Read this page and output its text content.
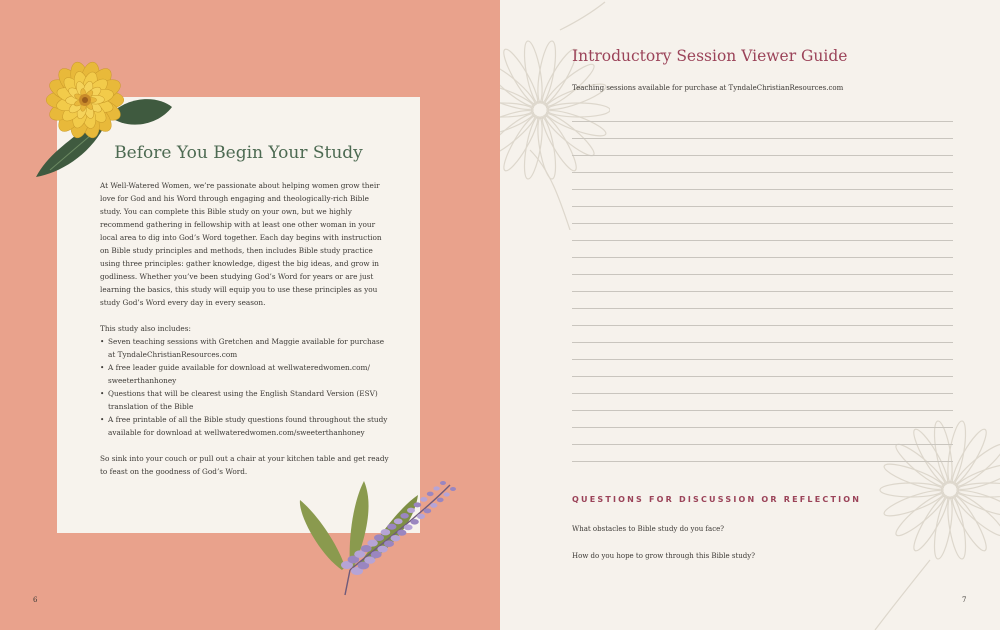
Before You Begin Your Study

At Well-Watered Women, we’re passionate about helping women grow their love for God and his Word through engaging and theologically-rich Bible study. You can complete this Bible study on your own, but we highly recommend gathering in fellowship with at least one other woman in your local area to dig into God’s Word together. Each day begins with instruction on Bible study principles and methods, then includes Bible study practice using three principles: gather knowledge, digest the big ideas, and grow in godliness. Whether you’ve been studying God’s Word for years or are just learning the basics, this study will equip you to use these principles as you study God’s Word every day in every season.

This study also includes:

• Seven teaching sessions with Gretchen and Maggie available for purchase at TyndaleChristianResources.com
• A free leader guide available for download at wellwateredwomen.com/ sweeterthanhoney
• Questions that will be clearest using the English Standard Version (ESV) translation of the Bible
• A free printable of all the Bible study questions found throughout the study available for download at wellwateredwomen.com/sweeterthanhoney

So sink into your couch or pull out a chair at your kitchen table and get ready to feast on the goodness of God’s Word.

6
Introductory Session Viewer Guide
Teaching sessions available for purchase at TyndaleChristianResources.com
QUESTIONS FOR DISCUSSION OR REFLECTION
What obstacles to Bible study do you face?
How do you hope to grow through this Bible study?
7
